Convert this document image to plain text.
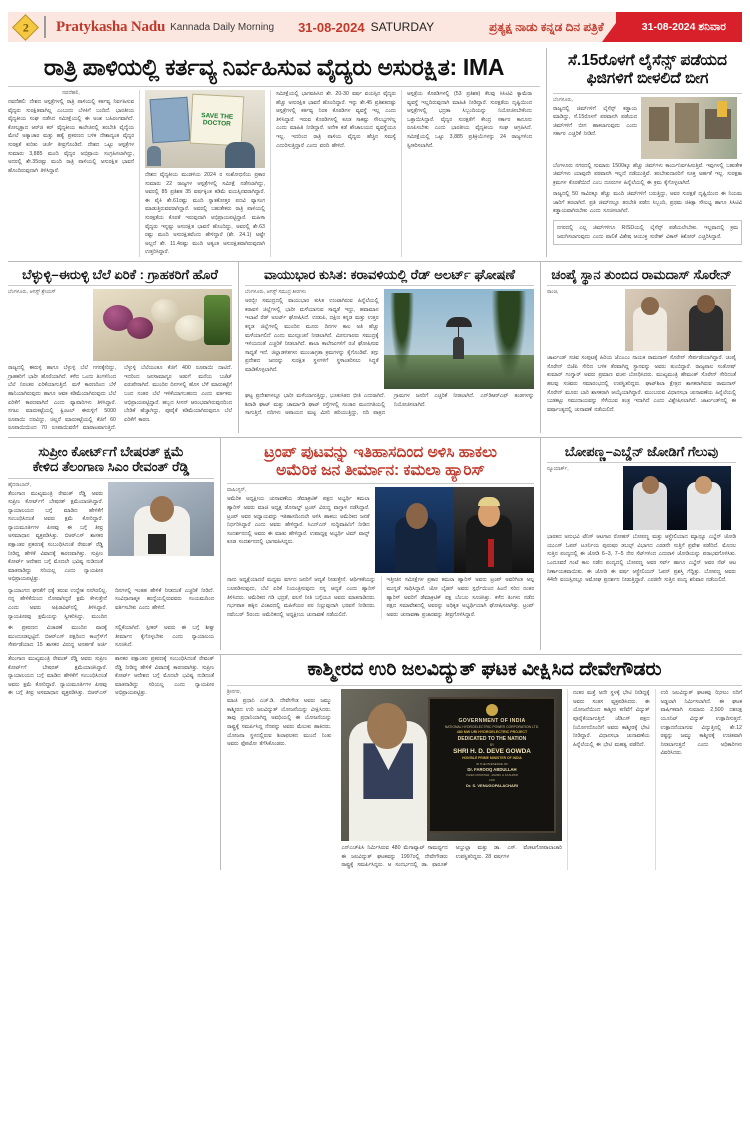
2 Pratykasha Nadu Kannada Daily Morning 31-08-2024 SATURDAY	ಪ್ರತ್ಯಕ್ಷ ನಾಡು ಕನ್ನಡ ದಿನ ಪತ್ರಿಕೆ	31-08-2024 ಶನಿವಾರ
ರಾತ್ರಿ ಪಾಳಿಯಲ್ಲಿ ಕರ್ತವ್ಯ ನಿರ್ವಹಿಸುವ ವೈದ್ಯರು ಅಸುರಕ್ಷಿತ: IMA
ನವದೆಹಲಿ,
ನವದೆಹಲಿ: ದೇಶದ ಆಸ್ಪತ್ರೆಗಳಲ್ಲಿ ರಾತ್ರಿ ಪಾಳಿಯಲ್ಲಿ ಕರ್ತವ್ಯ ನಿರ್ವಹಿಸುವ ವೈದ್ಯರು ಸುರಕ್ಷಿತವಾಗಿಲ್ಲ ಎಂಬುದು ಬೆಳಕಿಗೆ ಬಂದಿದೆ. ಭಾರತೀಯ ವೈದ್ಯಕೀಯ ಸಂಘ ನಡೆಸಿದ ಸಮೀಕ್ಷೆಯಲ್ಲಿ ಈ ಅಂಶ ಬಹಿರಂಗವಾಗಿದೆ. ಕೋಲ್ಕತ್ತಾದ ಆರ್‌ಜಿ ಕರ್ ವೈದ್ಯಕೀಯ ಕಾಲೇಜಿನಲ್ಲಿ ತರಬೇತಿ ವೈದ್ಯೆಯ ಮೇಲೆ ಅತ್ಯಾಚಾರ ಮತ್ತು ಹತ್ಯೆ ಪ್ರಕರಣದ ಬಳಿಕ ದೇಶಾದ್ಯಂತ ವೈದ್ಯರ ಸುರಕ್ಷತೆ ಕುರಿತು ಚರ್ಚೆ ತೀವ್ರಗೊಂಡಿದೆ. ದೇಶದ ಒಟ್ಟು ಆಸ್ಪತ್ರೆಗಳ ಸುಮಾರು 3,885 ಮಂದಿ ವೈದ್ಯರ ಅಭಿಪ್ರಾಯ ಸಂಗ್ರಹಿಸಲಾಗಿದ್ದು, ಅದರಲ್ಲಿ ಶೇ.35ರಷ್ಟು ಮಂದಿ ರಾತ್ರಿ ಪಾಳಿಯಲ್ಲಿ ಅಸುರಕ್ಷಿತ ಭಾವನೆ ಹೊಂದಿರುವುದಾಗಿ ತಿಳಿಸಿದ್ದಾರೆ.
SAVE THE DOCTOR
ದೇಶದ ವೈದ್ಯಕೀಯ ಮಂಡಳಿಯ 2024 ರ ಸಂಶೋಧನೆಯ ಪ್ರಕಾರ ಸುಮಾರು 22 ರಾಜ್ಯಗಳ ಆಸ್ಪತ್ರೆಗಳಲ್ಲಿ ಸಮೀಕ್ಷೆ ನಡೆಸಲಾಗಿದ್ದು, ಅವರಲ್ಲಿ 85 ಪ್ರತಿಶತ 35 ವರ್ಷಕ್ಕಿಂತ ಕಡಿಮೆ ವಯಸ್ಸಿನವರಾಗಿದ್ದಾರೆ. ಈ ಪೈಕಿ ಶೇ.61ರಷ್ಟು ಮಂದಿ ಸ್ನಾತಕೋತ್ತರ ಪದವಿ ವ್ಯಾಸಂಗ ಮಾಡುತ್ತಿರುವವರಾಗಿದ್ದಾರೆ. ಅವರಲ್ಲಿ ಬಹುತೇಕರು ರಾತ್ರಿ ಪಾಳಿಯಲ್ಲಿ ಸುರಕ್ಷತೆಯ ಕೊರತೆ ಇರುವುದಾಗಿ ಅಭಿಪ್ರಾಯಪಟ್ಟಿದ್ದಾರೆ. ಮಹಿಳಾ ವೈದ್ಯರು ಇನ್ನಷ್ಟು ಅಸುರಕ್ಷಿತ ಭಾವನೆ ಹೊಂದಿದ್ದು, ಅವರಲ್ಲಿ ಶೇ.63 ರಷ್ಟು ಮಂದಿ ಅಸುರಕ್ಷಿತವೆಂದು ಹೇಳಿದ್ದಾರೆ (ಶೇ. 24.1) ಅಷ್ಟೇ ಅಲ್ಲದೆ ಶೇ. 11.4ರಷ್ಟು ಮಂದಿ ಅತ್ಯಂತ ಅಸುರಕ್ಷಿತವಾಗಿರುವುದಾಗಿ ಉತ್ತರಿಸಿದ್ದಾರೆ.
ಸಮೀಕ್ಷೆಯಲ್ಲಿ ಭಾಗವಹಿಸಿದ ಶೇ. 20-30 ವರ್ಷ ವಯಸ್ಸಿನ ವೈದ್ಯರು ಹೆಚ್ಚು ಅಸುರಕ್ಷಿತ ಭಾವನೆ ಹೊಂದಿದ್ದಾರೆ. ಇನ್ನು ಶೇ.45 ಪ್ರತಿಶತದಷ್ಟು ಆಸ್ಪತ್ರೆಗಳಲ್ಲಿ ಕರ್ತವ್ಯ ನಿರತ ಕೊಠಡಿಗಳ ವ್ಯವಸ್ಥೆ ಇಲ್ಲ ಎಂದು ತಿಳಿಸಿದ್ದಾರೆ. ಇರುವ ಕೊಠಡಿಗಳಲ್ಲಿ ಕೂಡ ಸಾಕಷ್ಟು ಸೌಲಭ್ಯಗಳಿಲ್ಲ ಎಂದು ಮಾಹಿತಿ ನೀಡಿದ್ದಾರೆ. ಅನೇಕ ಕಡೆ ಶೌಚಾಲಯದ ವ್ಯವಸ್ಥೆಯೂ ಇಲ್ಲ. ಇದರಿಂದ ರಾತ್ರಿ ಪಾಳಿಯ ವೈದ್ಯರು ಹೆಚ್ಚಿನ ಸಮಸ್ಯೆ ಎದುರಿಸುತ್ತಿದ್ದಾರೆ ಎಂದು ವರದಿ ಹೇಳಿದೆ.
ಆಸ್ಪತ್ರೆಯ ಕೊಠಡಿಗಳಲ್ಲಿ (53 ಪ್ರತಿಶತ) ಕೆಲವು ಸಿಸಿಟಿವಿ ಕ್ಯಾಮೆರಾ ವ್ಯವಸ್ಥೆ ಇಲ್ಲದಿರುವುದಾಗಿ ಮಾಹಿತಿ ನೀಡಿದ್ದಾರೆ. ಸುರಕ್ಷತೆಯ ದೃಷ್ಟಿಯಿಂದ ಆಸ್ಪತ್ರೆಗಳಲ್ಲಿ ಭದ್ರತಾ ಸಿಬ್ಬಂದಿಯನ್ನು ನಿಯೋಜಿಸಬೇಕೆಂದು ಒತ್ತಾಯಿಸಿದ್ದಾರೆ. ವೈದ್ಯರ ಸುರಕ್ಷತೆಗೆ ಕೇಂದ್ರ ಸರ್ಕಾರ ಕಾನೂನು ರೂಪಿಸಬೇಕು ಎಂದು ಭಾರತೀಯ ವೈದ್ಯಕೀಯ ಸಂಘ ಆಗ್ರಹಿಸಿದೆ. ಸಮೀಕ್ಷೆಯಲ್ಲಿ ಒಟ್ಟು 3,885 ಪ್ರತಿಕ್ರಿಯೆಗಳನ್ನು 24 ರಾಜ್ಯಗಳಿಂದ ಸ್ವೀಕರಿಸಲಾಗಿದೆ.
ಸೆ.15ರೊಳಗೆ ಲೈಸೆನ್ಸ್ ಪಡೆಯದ ಫಿಜಿಗಳಿಗೆ ಬೀಳಲಿದೆ ಬೀಗ
ಬೆಂಗಳೂರು,
ರಾಜ್ಯದಲ್ಲಿ ಜಿಮ್‌ಗಳಿಗೆ ಲೈಸೆನ್ಸ್ ಕಡ್ಡಾಯ ಮಾಡಿದ್ದು, ಸೆ.15ರೊಳಗೆ ಪರವಾನಗಿ ಪಡೆಯದ ಜಿಮ್‌ಗಳಿಗೆ ಬೀಗ ಹಾಕಲಾಗುವುದು ಎಂದು ಸರ್ಕಾರ ಎಚ್ಚರಿಕೆ ನೀಡಿದೆ.
ಬೆಂಗಳೂರು ನಗರದಲ್ಲಿ ಸುಮಾರು 1500ಕ್ಕೂ ಹೆಚ್ಚು ಜಿಮ್‌ಗಳು ಕಾರ್ಯನಿರ್ವಹಿಸುತ್ತಿವೆ. ಇವುಗಳಲ್ಲಿ ಬಹುತೇಕ ಜಿಮ್‌ಗಳು ಯಾವುದೇ ಪರವಾನಗಿ ಇಲ್ಲದೆ ನಡೆಯುತ್ತಿವೆ. ತರಬೇತುದಾರರಿಗೆ ಸೂಕ್ತ ಅರ್ಹತೆ ಇಲ್ಲ. ಸುರಕ್ಷತಾ ಕ್ರಮಗಳ ಕೊರತೆಯಿದೆ ಎಂಬ ದೂರುಗಳ ಹಿನ್ನೆಲೆಯಲ್ಲಿ ಈ ಕ್ರಮ ಕೈಗೊಳ್ಳಲಾಗಿದೆ.
ರಾಜ್ಯದಲ್ಲಿ 50 ಸಾವಿರಕ್ಕೂ ಹೆಚ್ಚು ಮಂದಿ ಜಿಮ್‌ಗಳಿಗೆ ಬರುತ್ತಿದ್ದು, ಅವರ ಸುರಕ್ಷತೆ ದೃಷ್ಟಿಯಿಂದ ಈ ನಿಯಮ ಜಾರಿಗೆ ತರಲಾಗಿದೆ. ಪ್ರತಿ ಜಿಮ್‌ನಲ್ಲೂ ತರಬೇತಿ ಪಡೆದ ಸಿಬ್ಬಂದಿ, ಪ್ರಥಮ ಚಿಕಿತ್ಸಾ ಸೌಲಭ್ಯ ಹಾಗೂ ಸಿಸಿಟಿವಿ ಕಡ್ಡಾಯವಾಗಿರಬೇಕು ಎಂದು ಸೂಚಿಸಲಾಗಿದೆ.
ನಗರದಲ್ಲಿ ಎಲ್ಲ ಜಿಮ್‌ಗಳಿಗೂ RISDಯಲ್ಲಿ ಲೈಸೆನ್ಸ್ ಪಡೆಯಲೇಬೇಕು. ಇಲ್ಲವಾದಲ್ಲಿ ಕ್ರಮ ಜರುಗಿಸಲಾಗುವುದು ಎಂದು ಪಾಲಿಕೆ ವಿಶೇಷ ಆಯುಕ್ತ ಸುರೇಶ್ ವಿಕಾಸ್ ಕಿಶೋರ್ ಎಚ್ಚರಿಸಿದ್ದಾರೆ.
ಬೆಳ್ಳುಳ್ಳಿ–ಈರುಳ್ಳಿ ಬೆಲೆ ಏರಿಕೆ : ಗ್ರಾಹಕರಿಗೆ ಹೊರೆ
ಬೆಂಗಳೂರು, ಆಗಸ್ಟ್ ಶ್ರೇಯಸ್
ರಾಜ್ಯದಲ್ಲಿ ಈರುಳ್ಳಿ ಹಾಗೂ ಬೆಳ್ಳುಳ್ಳಿ ಬೆಲೆ ಗಗನಕ್ಕೇರಿದ್ದು, ಗ್ರಾಹಕರಿಗೆ ಭಾರೀ ಹೊರೆಯಾಗಿದೆ. ಕಳೆದ ಒಂದು ತಿಂಗಳಿನಿಂದ ಬೆಲೆ ನಿರಂತರ ಏರಿಕೆಯಾಗುತ್ತಿದೆ. ಮಳೆ ಕಾರಣದಿಂದ ಬೆಳೆ ಹಾನಿಯಾಗಿರುವುದು ಹಾಗೂ ಆವಕ ಕಡಿಮೆಯಾಗಿರುವುದು ಬೆಲೆ ಏರಿಕೆಗೆ ಕಾರಣವಾಗಿದೆ ಎಂದು ವ್ಯಾಪಾರಿಗಳು ತಿಳಿಸಿದ್ದಾರೆ. ಸಗಟು ಮಾರುಕಟ್ಟೆಯಲ್ಲಿ ಕ್ವಿಂಟಲ್ ಈರುಳ್ಳಿಗೆ 5000 ರೂಪಾಯಿ ದರವಿದ್ದು, ಚಿಲ್ಲರೆ ಮಾರುಕಟ್ಟೆಯಲ್ಲಿ ಕೆಜಿಗೆ 60 ರೂಪಾಯಿಯಿಂದ 70 ರೂಪಾಯಿವರೆಗೆ ಮಾರಾಟವಾಗುತ್ತಿದೆ. ಬೆಳ್ಳುಳ್ಳಿ ಬೆಲೆಯಂತೂ ಕೆಜಿಗೆ 400 ರೂಪಾಯಿ ದಾಟಿದೆ. ಇದರಿಂದ ಜನಸಾಮಾನ್ಯರ ಅಡುಗೆ ಮನೆಯ ಬಜೆಟ್ ಏರುಪೇರಾಗಿದೆ. ಮುಂದಿನ ದಿನಗಳಲ್ಲಿ ಹೊಸ ಬೆಳೆ ಮಾರುಕಟ್ಟೆಗೆ ಬಂದ ನಂತರ ಬೆಲೆ ಇಳಿಕೆಯಾಗಬಹುದು ಎಂದು ವರ್ತಕರು ಅಭಿಪ್ರಾಯಪಟ್ಟಿದ್ದಾರೆ. ಹಬ್ಬದ ಸೀಸನ್ ಆರಂಭವಾಗಿರುವುದರಿಂದ ಬೇಡಿಕೆ ಹೆಚ್ಚಾಗಿದ್ದು, ಪೂರೈಕೆ ಕಡಿಮೆಯಾಗಿರುವುದೂ ಬೆಲೆ ಏರಿಕೆಗೆ ಕಾರಣ.
ವಾಯುಭಾರ ಕುಸಿತ: ಕರಾವಳಿಯಲ್ಲಿ ರೆಡ್ ಅಲರ್ಟ್ ಘೋಷಣೆ
ಬೆಂಗಳೂರು, ಆಗಸ್ಟ್ ಸಮುದ್ರ ತೀರಗಳು
ಅರಬ್ಬೀ ಸಮುದ್ರದಲ್ಲಿ ವಾಯುಭಾರ ಕುಸಿತ ಉಂಟಾಗಿರುವ ಹಿನ್ನೆಲೆಯಲ್ಲಿ ಕರಾವಳಿ ಜಿಲ್ಲೆಗಳಲ್ಲಿ ಭಾರೀ ಮಳೆಯಾಗುವ ಸಾಧ್ಯತೆ ಇದ್ದು, ಹವಾಮಾನ ಇಲಾಖೆ ರೆಡ್ ಅಲರ್ಟ್ ಘೋಷಿಸಿದೆ. ಉಡುಪಿ, ದಕ್ಷಿಣ ಕನ್ನಡ ಮತ್ತು ಉತ್ತರ ಕನ್ನಡ ಜಿಲ್ಲೆಗಳಲ್ಲಿ ಮುಂದಿನ ಮೂರು ದಿನಗಳ ಕಾಲ ಅತಿ ಹೆಚ್ಚು ಮಳೆಯಾಗಲಿದೆ ಎಂದು ಮುನ್ಸೂಚನೆ ನೀಡಲಾಗಿದೆ. ಮೀನುಗಾರರು ಸಮುದ್ರಕ್ಕೆ ಇಳಿಯದಂತೆ ಎಚ್ಚರಿಕೆ ನೀಡಲಾಗಿದೆ. ಶಾಲಾ ಕಾಲೇಜುಗಳಿಗೆ ರಜೆ ಘೋಷಿಸುವ ಸಾಧ್ಯತೆ ಇದೆ. ಜಿಲ್ಲಾಡಳಿತಗಳು ಮುಂಜಾಗ್ರತಾ ಕ್ರಮಗಳನ್ನು ಕೈಗೊಂಡಿವೆ. ತಗ್ಗು ಪ್ರದೇಶದ ಜನರನ್ನು ಸುರಕ್ಷಿತ ಸ್ಥಳಗಳಿಗೆ ಸ್ಥಳಾಂತರಿಸಲು ಸಿದ್ಧತೆ ಮಾಡಿಕೊಳ್ಳಲಾಗಿದೆ.
ಘಟ್ಟ ಪ್ರದೇಶಗಳಲ್ಲೂ ಭಾರೀ ಮಳೆಯಾಗುತ್ತಿದ್ದು, ಭೂಕುಸಿತದ ಭೀತಿ ಎದುರಾಗಿದೆ. ಶಿರಾಡಿ ಘಾಟ್ ಮತ್ತು ಚಾರ್ಮಾಡಿ ಘಾಟ್ ರಸ್ತೆಗಳಲ್ಲಿ ಸಂಚಾರ ಮಂದಗತಿಯಲ್ಲಿ ಸಾಗುತ್ತಿದೆ. ನದಿಗಳು ಅಪಾಯದ ಮಟ್ಟ ಮೀರಿ ಹರಿಯುತ್ತಿದ್ದು, ನದಿ ಪಾತ್ರದ ಗ್ರಾಮಗಳ ಜನರಿಗೆ ಎಚ್ಚರಿಕೆ ನೀಡಲಾಗಿದೆ. ಎನ್‌ಡಿಆರ್‌ಎಫ್ ತಂಡಗಳನ್ನು ನಿಯೋಜಿಸಲಾಗಿದೆ.
ಚಂಪೈ ಸ್ಥಾನ ತುಂಬಿದ ರಾಮದಾಸ್ ಸೊರೇನ್
ರಾಂಚಿ,
ಜಾರ್ಖಂಡ್ ಸಚಿವ ಸಂಪುಟಕ್ಕೆ ಹಿರಿಯ ಜೆಎಂಎಂ ನಾಯಕ ರಾಮದಾಸ್ ಸೊರೇನ್ ಸೇರ್ಪಡೆಯಾಗಿದ್ದಾರೆ. ಚಂಪೈ ಸೊರೇನ್ ಬಿಜೆಪಿ ಸೇರಿದ ಬಳಿಕ ತೆರವಾಗಿದ್ದ ಸ್ಥಾನವನ್ನು ಅವರು ತುಂಬಿದ್ದಾರೆ. ರಾಜ್ಯಪಾಲ ಸಂತೋಷ್ ಕುಮಾರ್ ಗಂಗ್ವಾರ್ ಅವರು ಪ್ರಮಾಣ ವಚನ ಬೋಧಿಸಿದರು. ಮುಖ್ಯಮಂತ್ರಿ ಹೇಮಂತ್ ಸೊರೇನ್ ಸೇರಿದಂತೆ ಹಲವು ಸಚಿವರು ಸಮಾರಂಭದಲ್ಲಿ ಉಪಸ್ಥಿತರಿದ್ದರು. ಘಾಟ್‌ಶಿಲಾ ಕ್ಷೇತ್ರದ ಶಾಸಕರಾಗಿರುವ ರಾಮದಾಸ್ ಸೊರೇನ್ ಮೂರು ಬಾರಿ ಶಾಸಕರಾಗಿ ಆಯ್ಕೆಯಾಗಿದ್ದಾರೆ. ಮುಂಬರುವ ವಿಧಾನಸಭಾ ಚುನಾವಣೆಯ ಹಿನ್ನೆಲೆಯಲ್ಲಿ ಬುಡಕಟ್ಟು ಸಮುದಾಯವನ್ನು ಸೆಳೆಯುವ ತಂತ್ರ ಇದಾಗಿದೆ ಎಂದು ವಿಶ್ಲೇಷಿಸಲಾಗಿದೆ. ಜಾರ್ಖಂಡ್‌ನಲ್ಲಿ ಈ ವರ್ಷಾಂತ್ಯದಲ್ಲಿ ಚುನಾವಣೆ ನಡೆಯಲಿದೆ.
ಸುಪ್ರೀಂ ಕೋರ್ಟ್‌ಗೆ ಬೇಷರತ್ ಕ್ಷಮೆ
ಕೇಳಿದ ತೆಲಂಗಾಣ ಸಿಎಂ ರೇವಂತ್ ರೆಡ್ಡಿ
ಹೈದರಾಬಾದ್,
ತೆಲಂಗಾಣ ಮುಖ್ಯಮಂತ್ರಿ ರೇವಂತ್ ರೆಡ್ಡಿ ಅವರು ಸುಪ್ರೀಂ ಕೋರ್ಟ್‌ಗೆ ಬೇಷರತ್ ಕ್ಷಮೆಯಾಚಿಸಿದ್ದಾರೆ. ನ್ಯಾಯಾಲಯದ ಬಗ್ಗೆ ಮಾಡಿದ ಹೇಳಿಕೆಗೆ ಸಂಬಂಧಿಸಿದಂತೆ ಅವರು ಕ್ಷಮೆ ಕೋರಿದ್ದಾರೆ. ನ್ಯಾಯಮೂರ್ತಿಗಳ ಪೀಠವು ಈ ಬಗ್ಗೆ ತೀವ್ರ ಅಸಮಾಧಾನ ವ್ಯಕ್ತಪಡಿಸಿತ್ತು. ಬಿಆರ್‌ಎಸ್ ಶಾಸಕರ ಪಕ್ಷಾಂತರ ಪ್ರಕರಣಕ್ಕೆ ಸಂಬಂಧಿಸಿದಂತೆ ರೇವಂತ್ ರೆಡ್ಡಿ ನೀಡಿದ್ದ ಹೇಳಿಕೆ ವಿವಾದಕ್ಕೆ ಕಾರಣವಾಗಿತ್ತು. ಸುಪ್ರೀಂ ಕೋರ್ಟ್ ಆದೇಶದ ಬಗ್ಗೆ ಮೊದಲೇ ಭವಿಷ್ಯ ನುಡಿದಂತೆ ಮಾತನಾಡಿದ್ದು ಸರಿಯಲ್ಲ ಎಂದು ನ್ಯಾಯಪೀಠ ಅಭಿಪ್ರಾಯಪಟ್ಟಿತ್ತು.
ನ್ಯಾಯಾಂಗದ ಘನತೆಗೆ ಧಕ್ಕೆ ತರುವ ಉದ್ದೇಶ ನನಗಿರಲಿಲ್ಲ. ನನ್ನ ಹೇಳಿಕೆಯಿಂದ ನೋವಾಗಿದ್ದರೆ ಕ್ಷಮೆ ಕೇಳುತ್ತೇನೆ ಎಂದು ಅವರು ಅಫಿಡವಿಟ್‌ನಲ್ಲಿ ತಿಳಿಸಿದ್ದಾರೆ. ನ್ಯಾಯಪೀಠವು ಕ್ಷಮೆಯನ್ನು ಸ್ವೀಕರಿಸಿದ್ದು, ಮುಂದಿನ ದಿನಗಳಲ್ಲಿ ಇಂತಹ ಹೇಳಿಕೆ ನೀಡದಂತೆ ಎಚ್ಚರಿಕೆ ನೀಡಿದೆ. ಸಂವಿಧಾನಾತ್ಮಕ ಹುದ್ದೆಯಲ್ಲಿರುವವರು ಸಂಯಮದಿಂದ ವರ್ತಿಸಬೇಕು ಎಂದು ಹೇಳಿದೆ.
ಈ ಪ್ರಕರಣದ ವಿಚಾರಣೆ ಮುಂದಿನ ವಾರಕ್ಕೆ ಮುಂದೂಡಲ್ಪಟ್ಟಿದೆ. ಬಿಆರ್‌ಎಸ್ ಪಕ್ಷದಿಂದ ಕಾಂಗ್ರೆಸ್‌ಗೆ ಸೇರ್ಪಡೆಯಾದ 15 ಶಾಸಕರ ವಿರುದ್ಧ ಅನರ್ಹತೆ ಅರ್ಜಿ ಸಲ್ಲಿಕೆಯಾಗಿದೆ. ಸ್ಪೀಕರ್ ಅವರು ಈ ಬಗ್ಗೆ ಶೀಘ್ರ ತೀರ್ಮಾನ ಕೈಗೊಳ್ಳಬೇಕು ಎಂದು ನ್ಯಾಯಾಲಯ ಸೂಚಿಸಿದೆ.
ಟ್ರಂಪ್ ಪುಟವನ್ನು ಇತಿಹಾಸದಿಂದ ಅಳಿಸಿ ಹಾಕಲು
ಅಮೆರಿಕ ಜನ ತೀರ್ಮಾನ: ಕಮಲಾ ಹ್ಯಾರಿಸ್
ವಾಷಿಂಗ್ಟನ್,
ಅಮೆರಿಕ ಅಧ್ಯಕ್ಷೀಯ ಚುನಾವಣೆಯ ಡೆಮಾಕ್ರಟಿಕ್ ಪಕ್ಷದ ಅಭ್ಯರ್ಥಿ ಕಮಲಾ ಹ್ಯಾರಿಸ್ ಅವರು ಮಾಜಿ ಅಧ್ಯಕ್ಷ ಡೊನಾಲ್ಡ್ ಟ್ರಂಪ್ ವಿರುದ್ಧ ವಾಗ್ದಾಳಿ ನಡೆಸಿದ್ದಾರೆ. ಟ್ರಂಪ್ ಅವರ ಅಧ್ಯಾಯವನ್ನು ಇತಿಹಾಸದಿಂದಲೇ ಅಳಿಸಿ ಹಾಕಲು ಅಮೆರಿಕದ ಜನತೆ ನಿರ್ಧರಿಸಿದ್ದಾರೆ ಎಂದು ಅವರು ಹೇಳಿದ್ದಾರೆ. ಸಿಎನ್‌ಎನ್ ಸುದ್ದಿವಾಹಿನಿಗೆ ನೀಡಿದ ಸಂದರ್ಶನದಲ್ಲಿ ಅವರು ಈ ಮಾತು ಹೇಳಿದ್ದಾರೆ. ಉಪಾಧ್ಯಕ್ಷ ಅಭ್ಯರ್ಥಿ ಟಿಮ್ ವಾಲ್ಜ್ ಕೂಡ ಸಂದರ್ಶನದಲ್ಲಿ ಭಾಗವಹಿಸಿದ್ದರು.
ನಾನು ಅಧ್ಯಕ್ಷೆಯಾದರೆ ಮಧ್ಯಮ ವರ್ಗದ ಜನರಿಗೆ ಆದ್ಯತೆ ನೀಡುತ್ತೇನೆ. ಆರ್ಥಿಕತೆಯನ್ನು ಬಲಪಡಿಸುವುದು, ಬೆಲೆ ಏರಿಕೆ ನಿಯಂತ್ರಿಸುವುದು ನನ್ನ ಆದ್ಯತೆ ಎಂದು ಹ್ಯಾರಿಸ್ ತಿಳಿಸಿದರು. ಅಮೆರಿಕದ ಗಡಿ ಭದ್ರತೆ, ವಲಸೆ ನೀತಿ ಬಗ್ಗೆಯೂ ಅವರು ಮಾತನಾಡಿದರು. ಗರ್ಭಪಾತ ಹಕ್ಕಿನ ವಿಚಾರದಲ್ಲಿ ಮಹಿಳೆಯರ ಪರ ನಿಲ್ಲುವುದಾಗಿ ಭರವಸೆ ನೀಡಿದರು. ನವೆಂಬರ್ 5ರಂದು ಅಮೆರಿಕದಲ್ಲಿ ಅಧ್ಯಕ್ಷೀಯ ಚುನಾವಣೆ ನಡೆಯಲಿದೆ.
ಇತ್ತೀಚಿನ ಸಮೀಕ್ಷೆಗಳ ಪ್ರಕಾರ ಕಮಲಾ ಹ್ಯಾರಿಸ್ ಅವರು ಟ್ರಂಪ್ ಅವರಿಗಿಂತ ಅಲ್ಪ ಮುನ್ನಡೆ ಸಾಧಿಸಿದ್ದಾರೆ. ಜೋ ಬೈಡನ್ ಅವರು ಸ್ಪರ್ಧೆಯಿಂದ ಹಿಂದೆ ಸರಿದ ನಂತರ ಹ್ಯಾರಿಸ್ ಅವರಿಗೆ ಡೆಮಾಕ್ರಟಿಕ್ ಪಕ್ಷ ಬೆಂಬಲ ಸೂಚಿಸಿತ್ತು. ಕಳೆದ ತಿಂಗಳು ನಡೆದ ಪಕ್ಷದ ಸಮಾವೇಶದಲ್ಲಿ ಅವರನ್ನು ಅಧಿಕೃತ ಅಭ್ಯರ್ಥಿಯಾಗಿ ಘೋಷಿಸಲಾಗಿತ್ತು. ಟ್ರಂಪ್ ಅವರು ಚುನಾವಣಾ ಪ್ರಚಾರವನ್ನು ತೀವ್ರಗೊಳಿಸಿದ್ದಾರೆ.
ಬೋಪಣ್ಣ–ಎಬ್ಡೆನ್ ಜೋಡಿಗೆ ಗೆಲುವು
ನ್ಯೂಯಾರ್ಕ್,
ಭಾರತದ ಅನುಭವಿ ಟೆನಿಸ್ ಆಟಗಾರ ರೋಹನ್ ಬೋಪಣ್ಣ ಮತ್ತು ಆಸ್ಟ್ರೇಲಿಯಾದ ಮ್ಯಾಥ್ಯೂ ಎಬ್ಡೆನ್ ಜೋಡಿ ಯುಎಸ್ ಓಪನ್ ಟೂರ್ನಿಯ ಪುರುಷರ ಡಬಲ್ಸ್ ವಿಭಾಗದ ಎರಡನೇ ಸುತ್ತಿಗೆ ಪ್ರವೇಶ ಪಡೆದಿದೆ. ಮೊದಲ ಸುತ್ತಿನ ಪಂದ್ಯದಲ್ಲಿ ಈ ಜೋಡಿ 6–3, 7–5 ನೇರ ಸೆಟ್‌ಗಳಿಂದ ಎದುರಾಳಿ ಜೋಡಿಯನ್ನು ಪರಾಭವಗೊಳಿಸಿತು. ಒಂದೂವರೆ ಗಂಟೆ ಕಾಲ ನಡೆದ ಪಂದ್ಯದಲ್ಲಿ ಬೋಪಣ್ಣ ಅವರ ಸರ್ವ್ ಹಾಗೂ ಎಬ್ಡೆನ್ ಅವರ ನೆಟ್ ಆಟ ನಿರ್ಣಾಯಕವಾಯಿತು. ಈ ಜೋಡಿ ಈ ವರ್ಷ ಆಸ್ಟ್ರೇಲಿಯನ್ ಓಪನ್ ಪ್ರಶಸ್ತಿ ಗೆದ್ದಿತ್ತು. ಬೋಪಣ್ಣ ಅವರು 44ನೇ ವಯಸ್ಸಿನಲ್ಲೂ ಅಮೋಘ ಪ್ರದರ್ಶನ ನೀಡುತ್ತಿದ್ದಾರೆ. ಎರಡನೇ ಸುತ್ತಿನ ಪಂದ್ಯ ಶನಿವಾರ ನಡೆಯಲಿದೆ.
ತೆಲಂಗಾಣ ಮುಖ್ಯಮಂತ್ರಿ ರೇವಂತ್ ರೆಡ್ಡಿ ಅವರು ಸುಪ್ರೀಂ ಕೋರ್ಟ್‌ಗೆ ಬೇಷರತ್ ಕ್ಷಮೆಯಾಚಿಸಿದ್ದಾರೆ. ನ್ಯಾಯಾಲಯದ ಬಗ್ಗೆ ಮಾಡಿದ ಹೇಳಿಕೆಗೆ ಸಂಬಂಧಿಸಿದಂತೆ ಅವರು ಕ್ಷಮೆ ಕೋರಿದ್ದಾರೆ. ನ್ಯಾಯಮೂರ್ತಿಗಳ ಪೀಠವು ಈ ಬಗ್ಗೆ ತೀವ್ರ ಅಸಮಾಧಾನ ವ್ಯಕ್ತಪಡಿಸಿತ್ತು. ಬಿಆರ್‌ಎಸ್ ಶಾಸಕರ ಪಕ್ಷಾಂತರ ಪ್ರಕರಣಕ್ಕೆ ಸಂಬಂಧಿಸಿದಂತೆ ರೇವಂತ್ ರೆಡ್ಡಿ ನೀಡಿದ್ದ ಹೇಳಿಕೆ ವಿವಾದಕ್ಕೆ ಕಾರಣವಾಗಿತ್ತು. ಸುಪ್ರೀಂ ಕೋರ್ಟ್ ಆದೇಶದ ಬಗ್ಗೆ ಮೊದಲೇ ಭವಿಷ್ಯ ನುಡಿದಂತೆ ಮಾತನಾಡಿದ್ದು ಸರಿಯಲ್ಲ ಎಂದು ನ್ಯಾಯಪೀಠ ಅಭಿಪ್ರಾಯಪಟ್ಟಿತ್ತು.
ಕಾಶ್ಮೀರದ ಉರಿ ಜಲವಿದ್ಯುತ್ ಘಟಕ ವೀಕ್ಷಿಸಿದ ದೇವೇಗೌಡರು
ಶ್ರೀನಗರ,
ಮಾಜಿ ಪ್ರಧಾನಿ ಎಚ್.ಡಿ. ದೇವೇಗೌಡ ಅವರು ಜಮ್ಮು ಕಾಶ್ಮೀರದ ಉರಿ ಜಲವಿದ್ಯುತ್ ಯೋಜನೆಯನ್ನು ವೀಕ್ಷಿಸಿದರು. ತಾವು ಪ್ರಧಾನಿಯಾಗಿದ್ದ ಅವಧಿಯಲ್ಲಿ ಈ ಯೋಜನೆಯನ್ನು ರಾಷ್ಟ್ರಕ್ಕೆ ಸಮರ್ಪಿಸಿದ್ದ ನೆನಪನ್ನು ಅವರು ಮೆಲುಕು ಹಾಕಿದರು. ಯೋಜನಾ ಸ್ಥಳದಲ್ಲಿರುವ ಶಿಲಾಫಲಕದ ಮುಂದೆ ನಿಂತು ಅವರು ಫೋಟೋ ತೆಗೆಸಿಕೊಂಡರು.
GOVERNMENT OF INDIA
NATIONAL HYDROELECTRIC POWER CORPORATION LTD.
480 MW URI HYDROELECTRIC PROJECT
DEDICATED TO THE NATION
BY
SHRI H. D. DEVE GOWDA
HON'BLE PRIME MINISTER OF INDIA
IN THE PRESENCE OF
Dr. FAROOQ ABDULLAH
CHIEF MINISTER, JAMMU & KASHMIR
AND
Dr. S. VENUGOPALACHARI
ಎನ್‌ಎಚ್‌ಪಿಸಿ ನಿರ್ಮಿಸಿರುವ 480 ಮೆಗಾವ್ಯಾಟ್ ಸಾಮರ್ಥ್ಯದ ಈ ಜಲವಿದ್ಯುತ್ ಘಟಕವನ್ನು 1997ರಲ್ಲಿ ದೇವೇಗೌಡರು ರಾಷ್ಟ್ರಕ್ಕೆ ಸಮರ್ಪಿಸಿದ್ದರು. ಆ ಸಂದರ್ಭದಲ್ಲಿ ಡಾ. ಫಾರೂಕ್ ಅಬ್ದುಲ್ಲಾ ಮತ್ತು ಡಾ. ಎಸ್. ವೆಂಕಟಗೋಪಾಲಾಚಾರಿ ಉಪಸ್ಥಿತರಿದ್ದರು. 28 ವರ್ಷಗಳ
ನಂತರ ಮತ್ತೆ ಅದೇ ಸ್ಥಳಕ್ಕೆ ಭೇಟಿ ನೀಡಿದ್ದಕ್ಕೆ ಅವರು ಸಂತಸ ವ್ಯಕ್ತಪಡಿಸಿದರು. ಈ ಯೋಜನೆಯಿಂದ ಕಾಶ್ಮೀರ ಕಣಿವೆಗೆ ವಿದ್ಯುತ್ ಪೂರೈಕೆಯಾಗುತ್ತಿದೆ. ಜೆಡಿಎಸ್ ಪಕ್ಷದ ನಿಯೋಗದೊಂದಿಗೆ ಅವರು ಕಾಶ್ಮೀರಕ್ಕೆ ಭೇಟಿ ನೀಡಿದ್ದಾರೆ. ವಿಧಾನಸಭಾ ಚುನಾವಣೆಯ ಹಿನ್ನೆಲೆಯಲ್ಲಿ ಈ ಭೇಟಿ ಮಹತ್ವ ಪಡೆದಿದೆ.
ಉರಿ ಜಲವಿದ್ಯುತ್ ಘಟಕವು ಝೀಲಂ ನದಿಗೆ ಅಡ್ಡಲಾಗಿ ನಿರ್ಮಿಸಲಾಗಿದೆ. ಈ ಘಟಕ ವಾರ್ಷಿಕವಾಗಿ ಸುಮಾರು 2,500 ದಶಲಕ್ಷ ಯೂನಿಟ್ ವಿದ್ಯುತ್ ಉತ್ಪಾದಿಸುತ್ತದೆ. ಉತ್ಪಾದನೆಯಾಗುವ ವಿದ್ಯುತ್ತಿನಲ್ಲಿ ಶೇ.12 ರಷ್ಟನ್ನು ಜಮ್ಮು ಕಾಶ್ಮೀರಕ್ಕೆ ಉಚಿತವಾಗಿ ನೀಡಲಾಗುತ್ತದೆ ಎಂದು ಅಧಿಕಾರಿಗಳು ವಿವರಿಸಿದರು.
